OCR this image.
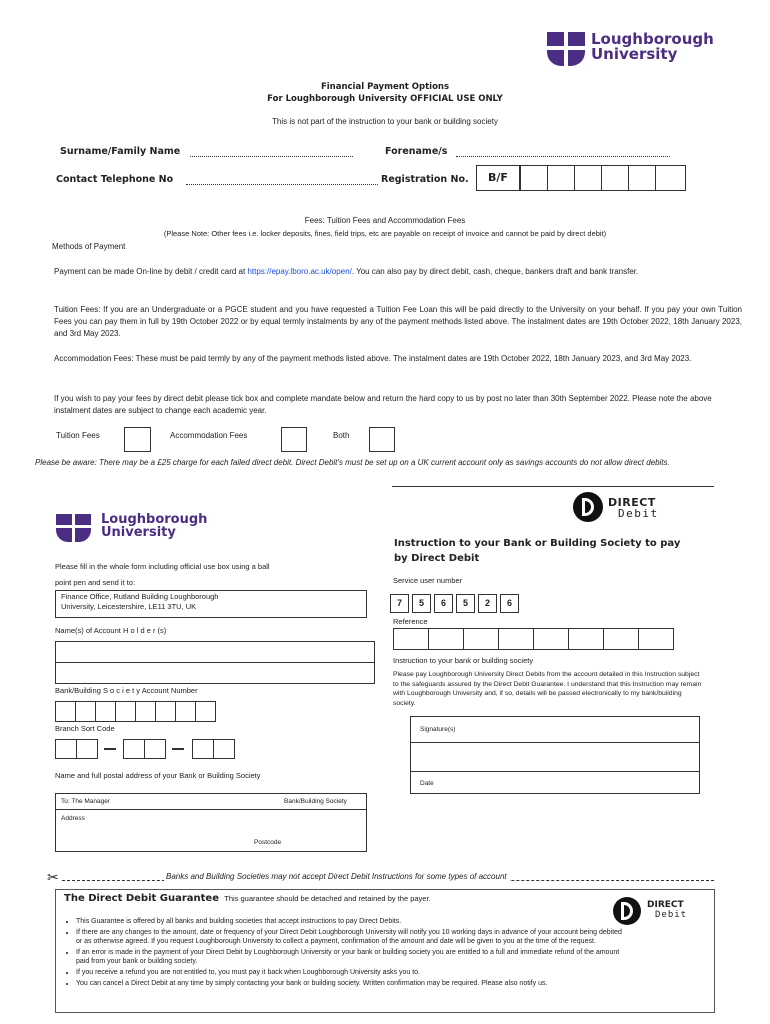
Loughborough
University
Financial Payment Options
For Loughborough University OFFICIAL USE ONLY
This is not part of the instruction to your bank or building society
Surname/Family Name	Forename/s
Contact Telephone No	Registration No.	B/F
Fees: Tuition Fees and Accommodation Fees
(Please Note: Other fees i.e. locker deposits, fines, field trips, etc are payable on receipt of invoice and cannot be paid by direct debit)
Methods of Payment
Payment can be made On-line by debit / credit card at https://epay.lboro.ac.uk/open/. You can also pay by direct debit, cash, cheque, bankers draft and bank transfer.
Tuition Fees: If you are an Undergraduate or a PGCE student and you have requested a Tuition Fee Loan this will be paid directly to the University on your behalf. If you pay your own Tuition Fees you can pay them in full by 19th October 2022 or by equal termly instalments by any of the payment methods listed above. The instalment dates are 19th October 2022, 18th January 2023, and 3rd May 2023.
Accommodation Fees: These must be paid termly by any of the payment methods listed above. The instalment dates are 19th October 2022, 18th January 2023, and 3rd May 2023.
If you wish to pay your fees by direct debit please tick box and complete mandate below and return the hard copy to us by post no later than 30th September 2022. Please note the above instalment dates are subject to change each academic year.
Tuition Fees	Accommodation Fees	Both
Please be aware: There may be a £25 charge for each failed direct debit. Direct Debit's must be set up on a UK current account only as savings accounts do not allow direct debits.
Loughborough
University
Please fill in the whole form including official use box using a ball
point pen and send it to:
Finance Office, Rutland Building Loughborough
University, Leicestershire, LE11 3TU, UK
Name(s) of Account H o l d e r (s)
Bank/Building S o c i e t y Account Number
Branch Sort Code
Name and full postal address of your Bank or Building Society
To: The Manager	Bank/Building Society
Address
Postcode
DIRECT
Debit
Instruction to your Bank or Building Society to pay by Direct Debit
Service user number
7	5	6	5	2	6
Reference
Instruction to your bank or building society
Please pay Loughborough University Direct Debits from the account detailed in this Instruction subject to the safeguards assured by the Direct Debit Guarantee. I understand that this Instruction may remain with Loughborough University and, if so, details will be passed electronically to my bank/building society.
Signature(s)
Date
✂	Banks and Building Societies may not accept Direct Debit Instructions for some types of account
The Direct Debit Guarantee This guarantee should be detached and retained by the payer.
DIRECT
Debit
• This Guarantee is offered by all banks and building societies that accept instructions to pay Direct Debits.
• If there are any changes to the amount, date or frequency of your Direct Debit Loughborough University will notify you 10 working days in advance of your account being debited or as otherwise agreed. If you request Loughborough University to collect a payment, confirmation of the amount and date will be given to you at the time of the request.
• If an error is made in the payment of your Direct Debit by Loughborough University or your bank or building society you are entitled to a full and immediate refund of the amount paid from your bank or building society.
• If you receive a refund you are not entitled to, you must pay it back when Loughborough University asks you to.
• You can cancel a Direct Debit at any time by simply contacting your bank or building society. Written confirmation may be required. Please also notify us.
